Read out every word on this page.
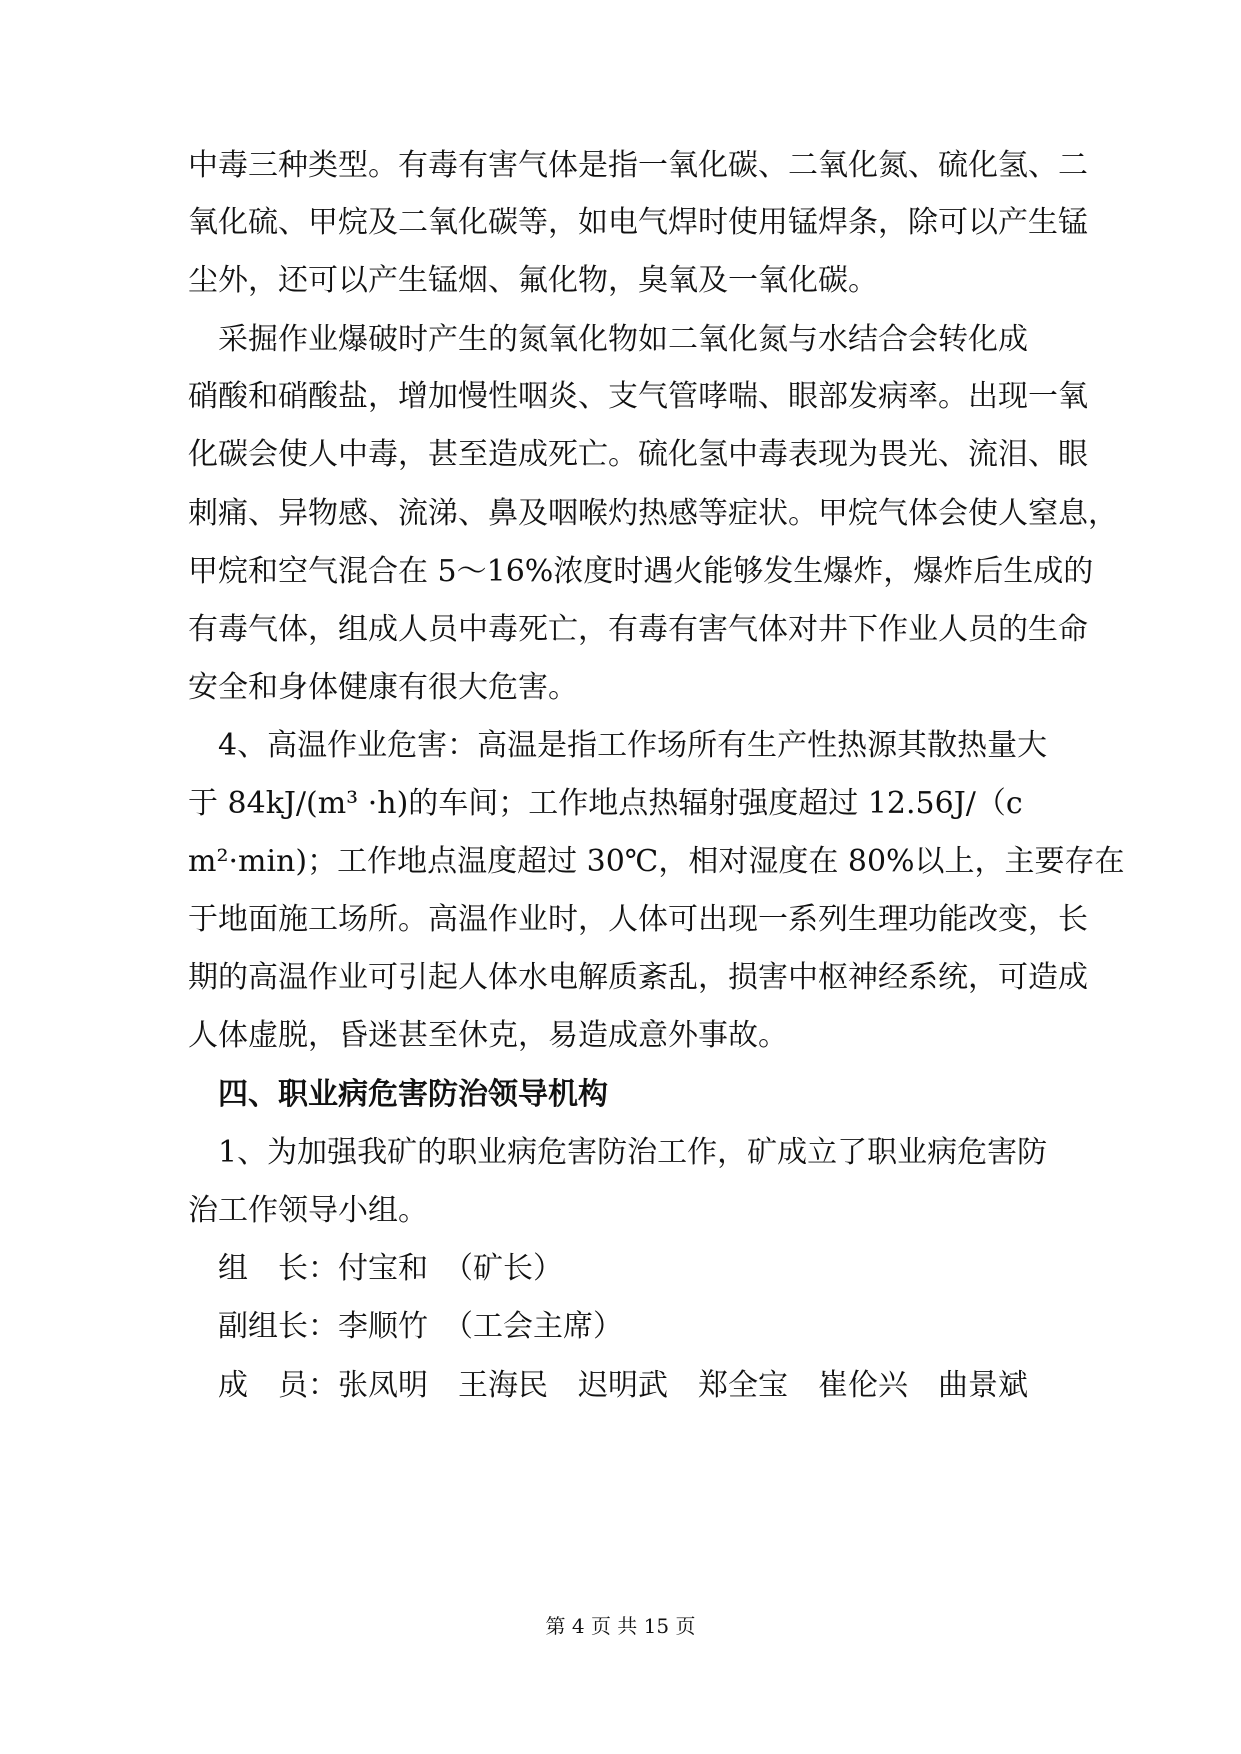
中毒三种类型。有毒有害气体是指一氧化碳、二氧化氮、硫化氢、二
氧化硫、甲烷及二氧化碳等，如电气焊时使用锰焊条，除可以产生锰
尘外，还可以产生锰烟、氟化物，臭氧及一氧化碳。
　采掘作业爆破时产生的氮氧化物如二氧化氮与水结合会转化成
硝酸和硝酸盐，增加慢性咽炎、支气管哮喘、眼部发病率。出现一氧
化碳会使人中毒，甚至造成死亡。硫化氢中毒表现为畏光、流泪、眼
刺痛、异物感、流涕、鼻及咽喉灼热感等症状。甲烷气体会使人窒息，
甲烷和空气混合在 5～16%浓度时遇火能够发生爆炸，爆炸后生成的
有毒气体，组成人员中毒死亡，有毒有害气体对井下作业人员的生命
安全和身体健康有很大危害。
　4、高温作业危害：高温是指工作场所有生产性热源其散热量大
于 84kJ/(m³ ·h)的车间；工作地点热辐射强度超过 12.56J/（c
m²·min)；工作地点温度超过 30℃，相对湿度在 80%以上，主要存在
于地面施工场所。高温作业时，人体可出现一系列生理功能改变，长
期的高温作业可引起人体水电解质紊乱，损害中枢神经系统，可造成
人体虚脱，昏迷甚至休克，易造成意外事故。
　四、职业病危害防治领导机构
　1、为加强我矿的职业病危害防治工作，矿成立了职业病危害防
治工作领导小组。
　组　长：付宝和　（矿长）
　副组长：李顺竹　（工会主席）
　成　员：张凤明　王海民　迟明武　郑全宝　崔伦兴　曲景斌
第 4 页 共 15 页
